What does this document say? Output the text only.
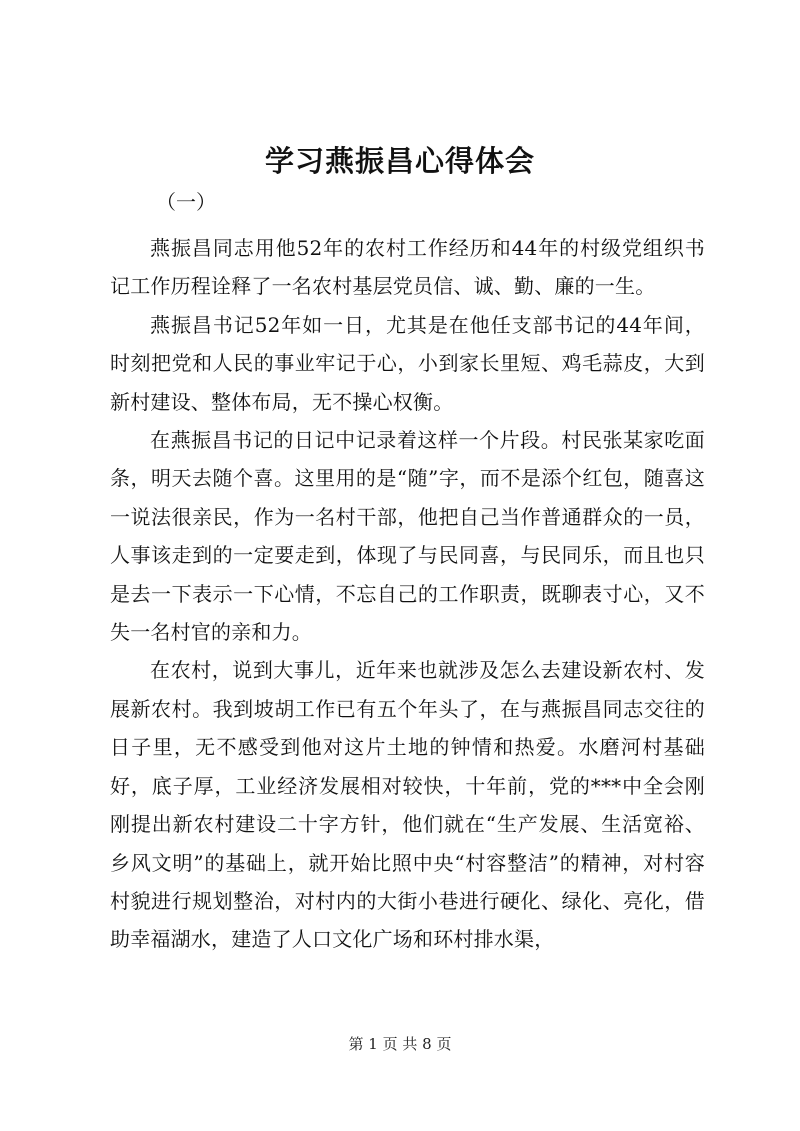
学习燕振昌心得体会
（一）

燕振昌同志用他52年的农村工作经历和44年的村级党组织书记工作历程诠释了一名农村基层党员信、诚、勤、廉的一生。

燕振昌书记52年如一日，尤其是在他任支部书记的44年间，时刻把党和人民的事业牢记于心，小到家长里短、鸡毛蒜皮，大到新村建设、整体布局，无不操心权衡。

在燕振昌书记的日记中记录着这样一个片段。村民张某家吃面条，明天去随个喜。这里用的是“随”字，而不是添个红包，随喜这一说法很亲民，作为一名村干部，他把自己当作普通群众的一员，人事该走到的一定要走到，体现了与民同喜，与民同乐，而且也只是去一下表示一下心情，不忘自己的工作职责，既聊表寸心，又不失一名村官的亲和力。

在农村，说到大事儿，近年来也就涉及怎么去建设新农村、发展新农村。我到坡胡工作已有五个年头了，在与燕振昌同志交往的日子里，无不感受到他对这片土地的钟情和热爱。水磨河村基础好，底子厚，工业经济发展相对较快，十年前，党的***中全会刚刚提出新农村建设二十字方针，他们就在“生产发展、生活宽裕、乡风文明”的基础上，就开始比照中央“村容整洁”的精神，对村容村貌进行规划整治，对村内的大街小巷进行硬化、绿化、亮化，借助幸福湖水，建造了人口文化广场和环村排水渠，

第 1 页 共 8 页
